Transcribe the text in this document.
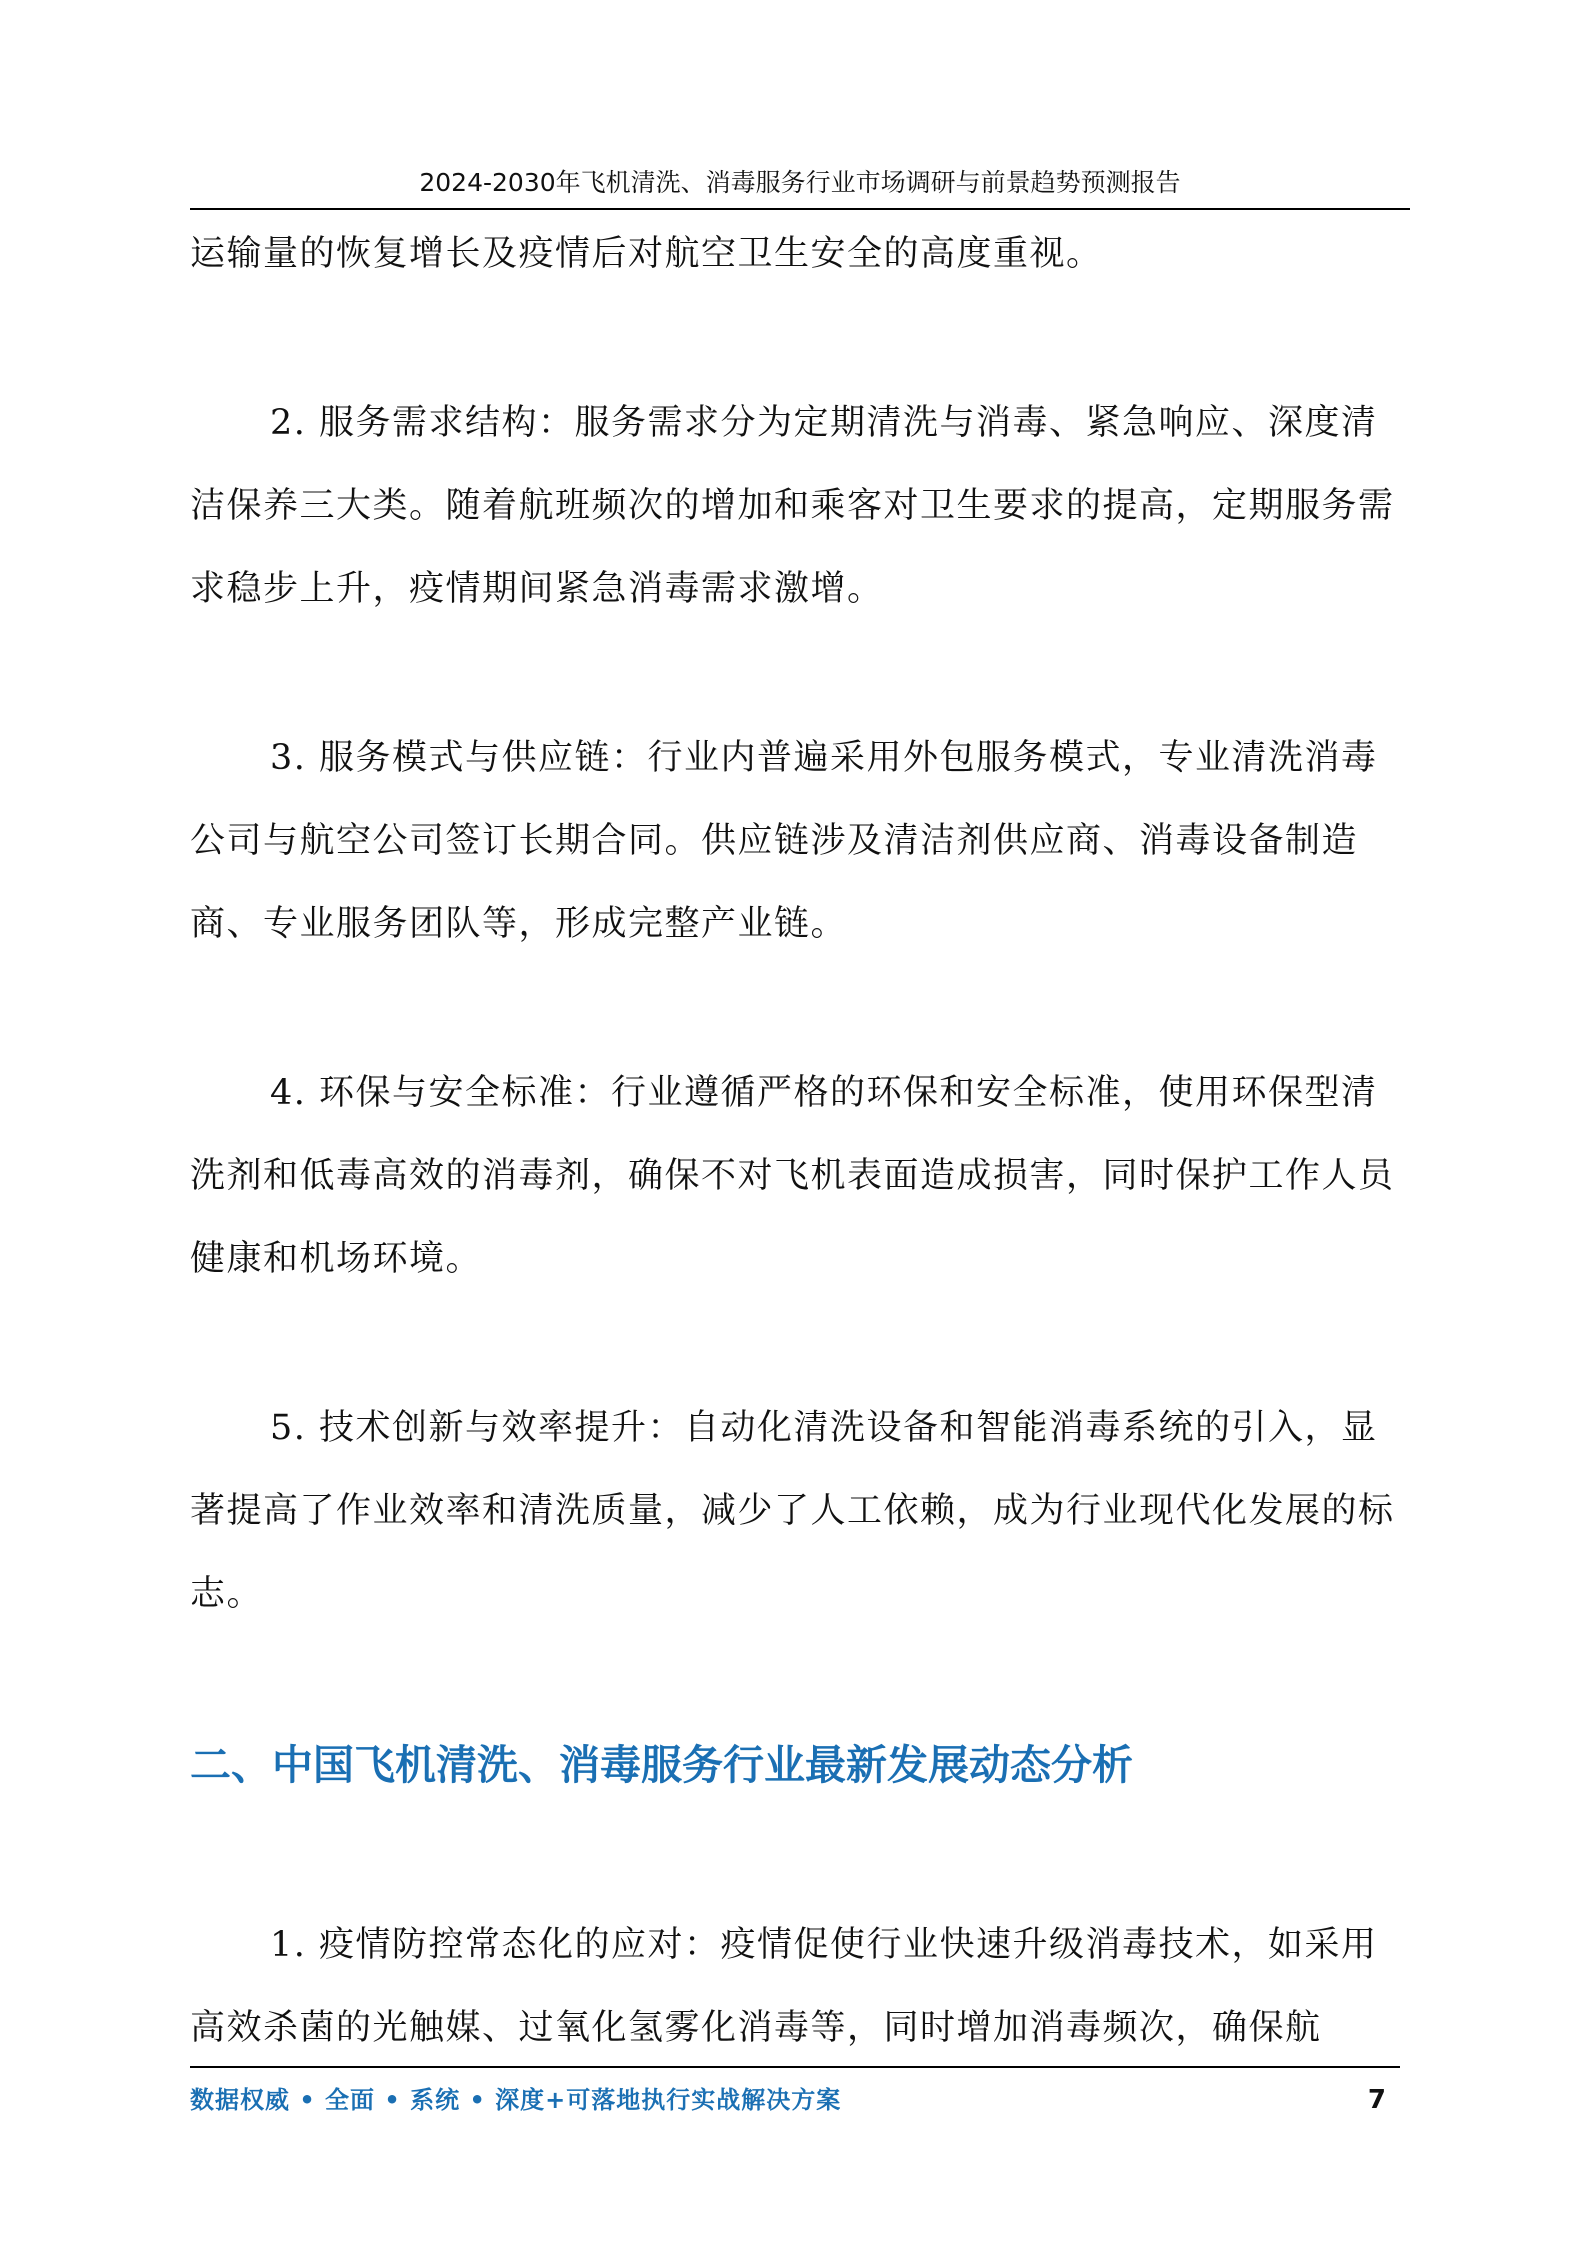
2024-2030年飞机清洗、消毒服务行业市场调研与前景趋势预测报告

运输量的恢复增长及疫情后对航空卫生安全的高度重视。

2. 服务需求结构：服务需求分为定期清洗与消毒、紧急响应、深度清洁保养三大类。随着航班频次的增加和乘客对卫生要求的提高，定期服务需求稳步上升，疫情期间紧急消毒需求激增。

3. 服务模式与供应链：行业内普遍采用外包服务模式，专业清洗消毒公司与航空公司签订长期合同。供应链涉及清洁剂供应商、消毒设备制造商、专业服务团队等，形成完整产业链。

4. 环保与安全标准：行业遵循严格的环保和安全标准，使用环保型清洗剂和低毒高效的消毒剂，确保不对飞机表面造成损害，同时保护工作人员健康和机场环境。

5. 技术创新与效率提升：自动化清洗设备和智能消毒系统的引入，显著提高了作业效率和清洗质量，减少了人工依赖，成为行业现代化发展的标志。

二、中国飞机清洗、消毒服务行业最新发展动态分析

1. 疫情防控常态化的应对：疫情促使行业快速升级消毒技术，如采用高效杀菌的光触媒、过氧化氢雾化消毒等，同时增加消毒频次，确保航

数据权威 • 全面 • 系统 • 深度+可落地执行实战解决方案	7
